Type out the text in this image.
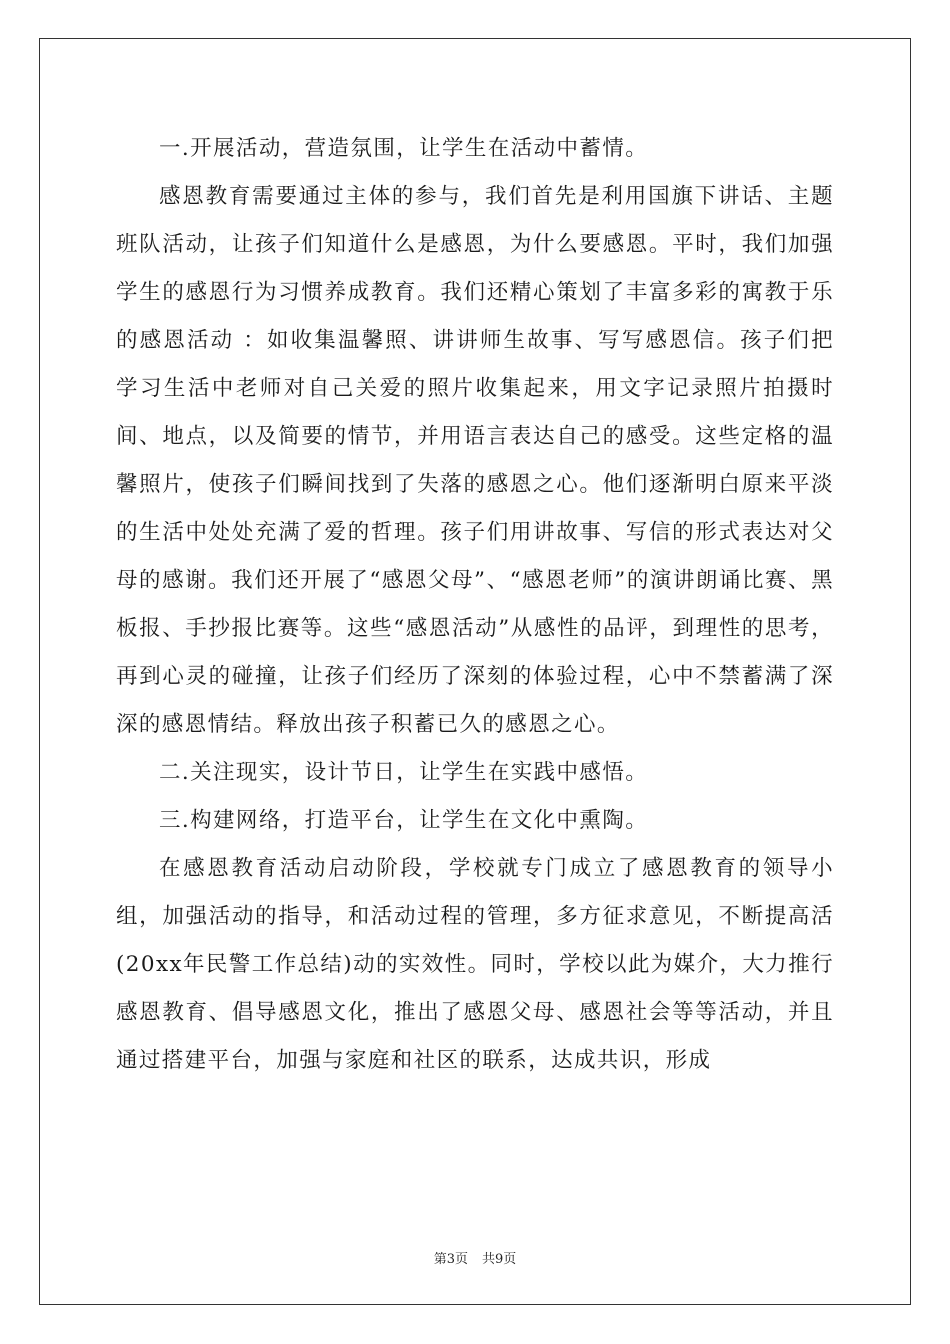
一.开展活动，营造氛围，让学生在活动中蓄情。

感恩教育需要通过主体的参与，我们首先是利用国旗下讲话、主题班队活动，让孩子们知道什么是感恩，为什么要感恩。平时，我们加强学生的感恩行为习惯养成教育。我们还精心策划了丰富多彩的寓教于乐的感恩活动 ：如收集温馨照、讲讲师生故事、写写感恩信。孩子们把学习生活中老师对自己关爱的照片收集起来，用文字记录照片拍摄时间、地点，以及简要的情节，并用语言表达自己的感受。这些定格的温馨照片，使孩子们瞬间找到了失落的感恩之心。他们逐渐明白原来平淡的生活中处处充满了爱的哲理。孩子们用讲故事、写信的形式表达对父母的感谢。我们还开展了“感恩父母”、“感恩老师”的演讲朗诵比赛、黑板报、手抄报比赛等。这些“感恩活动”从感性的品评，到理性的思考，再到心灵的碰撞，让孩子们经历了深刻的体验过程，心中不禁蓄满了深深的感恩情结。释放出孩子积蓄已久的感恩之心。

二.关注现实，设计节日，让学生在实践中感悟。

三.构建网络，打造平台，让学生在文化中熏陶。

在感恩教育活动启动阶段，学校就专门成立了感恩教育的领导小组，加强活动的指导，和活动过程的管理，多方征求意见，不断提高活(20xx年民警工作总结)动的实效性。同时，学校以此为媒介，大力推行感恩教育、倡导感恩文化，推出了感恩父母、感恩社会等等活动，并且通过搭建平台，加强与家庭和社区的联系，达成共识，形成

第3页 共9页
